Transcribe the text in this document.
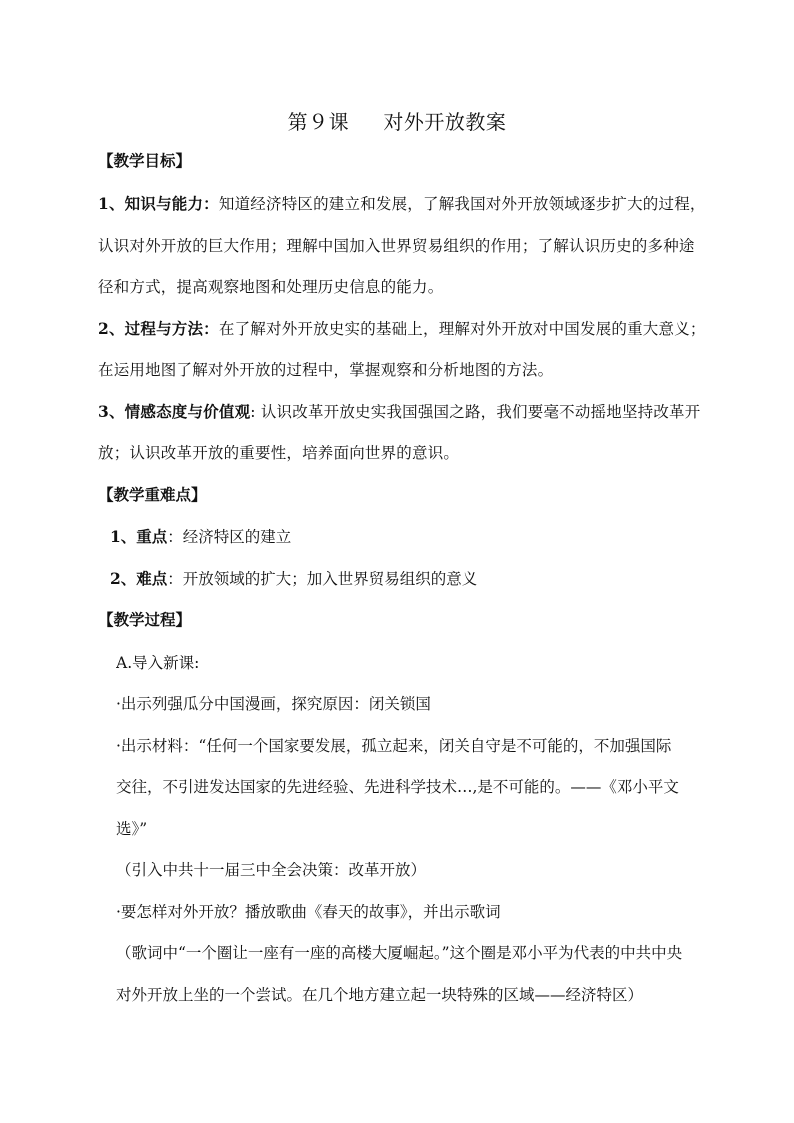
第９课     对外开放教案
【教学目标】
1、知识与能力：知道经济特区的建立和发展，了解我国对外开放领域逐步扩大的过程，
认识对外开放的巨大作用；理解中国加入世界贸易组织的作用；了解认识历史的多种途
径和方式，提高观察地图和处理历史信息的能力。
2、过程与方法：在了解对外开放史实的基础上，理解对外开放对中国发展的重大意义；
在运用地图了解对外开放的过程中，掌握观察和分析地图的方法。
3、情感态度与价值观: 认识改革开放史实我国强国之路，我们要毫不动摇地坚持改革开
放；认识改革开放的重要性，培养面向世界的意识。
【教学重难点】
1、重点：经济特区的建立
2、难点：开放领域的扩大；加入世界贸易组织的意义
【教学过程】
A.导入新课:
·出示列强瓜分中国漫画，探究原因：闭关锁国
·出示材料：“任何一个国家要发展，孤立起来，闭关自守是不可能的，不加强国际
交往，不引进发达国家的先进经验、先进科学技术…,是不可能的。——《邓小平文
选》”
（引入中共十一届三中全会决策：改革开放）
·要怎样对外开放？播放歌曲《春天的故事》，并出示歌词
（歌词中“一个圈让一座有一座的高楼大厦崛起。”这个圈是邓小平为代表的中共中央
对外开放上坐的一个尝试。在几个地方建立起一块特殊的区域——经济特区）
